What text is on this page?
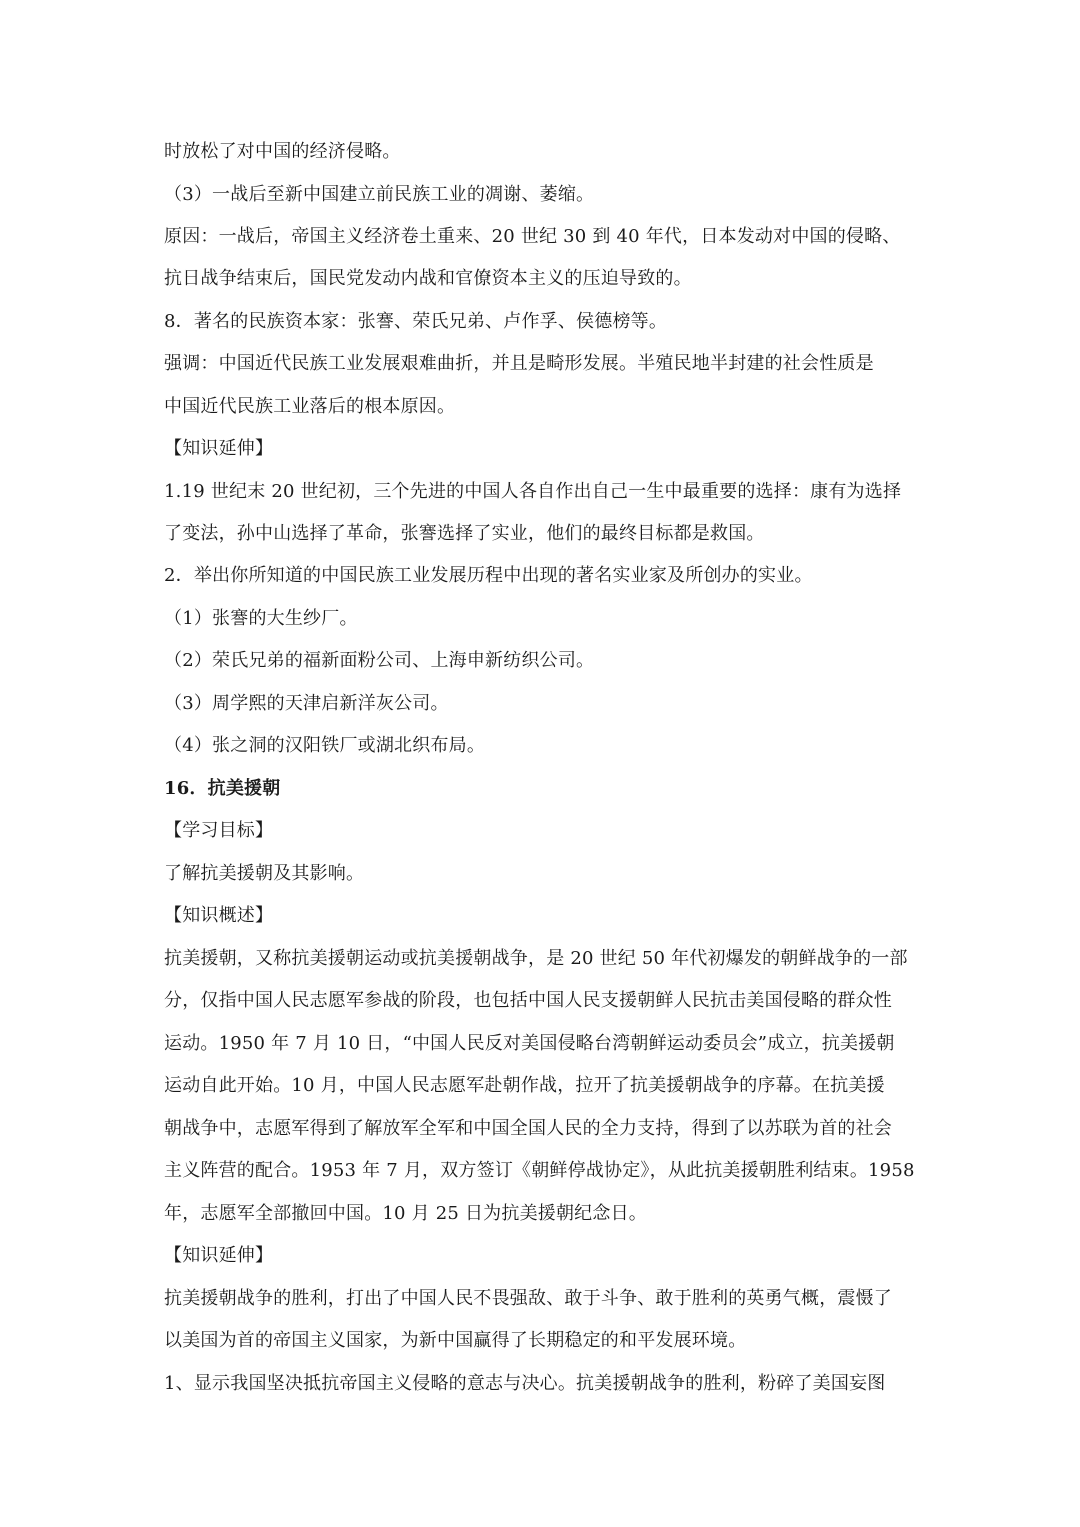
时放松了对中国的经济侵略。
（3）一战后至新中国建立前民族工业的凋谢、萎缩。
原因：一战后，帝国主义经济卷土重来、20 世纪 30 到 40 年代，日本发动对中国的侵略、
抗日战争结束后，国民党发动内战和官僚资本主义的压迫导致的。
8．著名的民族资本家：张謇、荣氏兄弟、卢作孚、侯德榜等。
强调：中国近代民族工业发展艰难曲折，并且是畸形发展。半殖民地半封建的社会性质是
中国近代民族工业落后的根本原因。
【知识延伸】
1.19 世纪末 20 世纪初，三个先进的中国人各自作出自己一生中最重要的选择：康有为选择
了变法，孙中山选择了革命，张謇选择了实业，他们的最终目标都是救国。
2．举出你所知道的中国民族工业发展历程中出现的著名实业家及所创办的实业。
（1）张謇的大生纱厂。
（2）荣氏兄弟的福新面粉公司、上海申新纺织公司。
（3）周学熙的天津启新洋灰公司。
（4）张之洞的汉阳铁厂或湖北织布局。
16．抗美援朝
【学习目标】
了解抗美援朝及其影响。
【知识概述】
抗美援朝，又称抗美援朝运动或抗美援朝战争，是 20 世纪 50 年代初爆发的朝鲜战争的一部
分，仅指中国人民志愿军参战的阶段，也包括中国人民支援朝鲜人民抗击美国侵略的群众性
运动。1950 年 7 月 10 日，“中国人民反对美国侵略台湾朝鲜运动委员会”成立，抗美援朝
运动自此开始。10 月，中国人民志愿军赴朝作战，拉开了抗美援朝战争的序幕。在抗美援
朝战争中，志愿军得到了解放军全军和中国全国人民的全力支持，得到了以苏联为首的社会
主义阵营的配合。1953 年 7 月，双方签订《朝鲜停战协定》，从此抗美援朝胜利结束。1958
年，志愿军全部撤回中国。10 月 25 日为抗美援朝纪念日。
【知识延伸】
抗美援朝战争的胜利，打出了中国人民不畏强敌、敢于斗争、敢于胜利的英勇气概，震慑了
以美国为首的帝国主义国家，为新中国赢得了长期稳定的和平发展环境。
1、显示我国坚决抵抗帝国主义侵略的意志与决心。抗美援朝战争的胜利，粉碎了美国妄图
